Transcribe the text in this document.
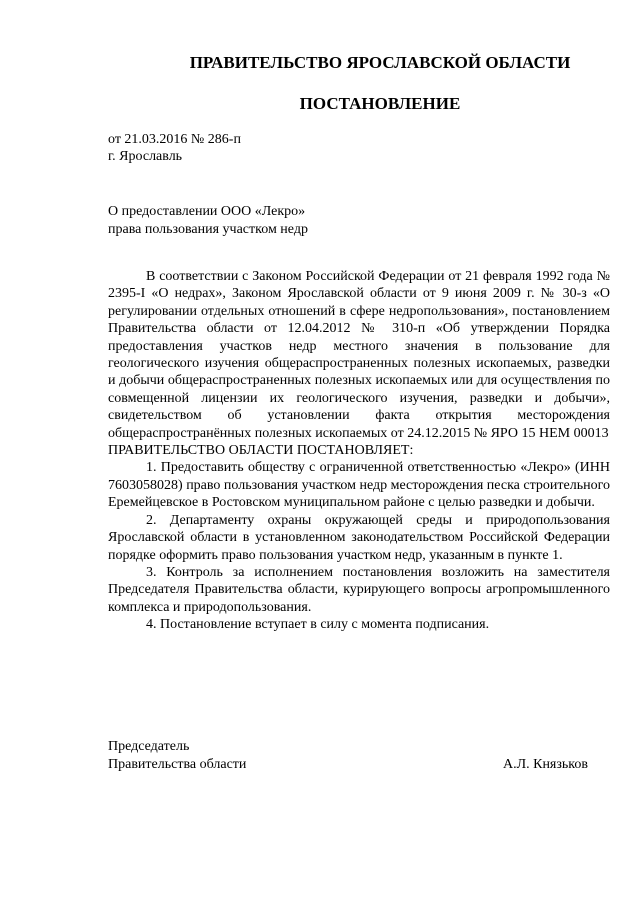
ПРАВИТЕЛЬСТВО ЯРОСЛАВСКОЙ ОБЛАСТИ
ПОСТАНОВЛЕНИЕ
от 21.03.2016 № 286-п
г. Ярославль
О предоставлении ООО «Лекро»
права пользования участком недр

В соответствии с Законом Российской Федерации от 21 февраля 1992 года № 2395-I «О недрах», Законом Ярославской области от 9 июня 2009 г. № 30-з «О регулировании отдельных отношений в сфере недропользования», постановлением Правительства области от 12.04.2012 № 310-п «Об утверждении Порядка предоставления участков недр местного значения в пользование для геологического изучения общераспространенных полезных ископаемых, разведки и добычи общераспространенных полезных ископаемых или для осуществления по совмещенной лицензии их геологического изучения, разведки и добычи», свидетельством об установлении факта открытия месторождения общераспространённых полезных ископаемых от 24.12.2015 № ЯРО 15 НЕМ 00013

ПРАВИТЕЛЬСТВО ОБЛАСТИ ПОСТАНОВЛЯЕТ:

1. Предоставить обществу с ограниченной ответственностью «Лекро» (ИНН 7603058028) право пользования участком недр месторождения песка строительного Еремейцевское в Ростовском муниципальном районе с целью разведки и добычи.

2. Департаменту охраны окружающей среды и природопользования Ярославской области в установленном законодательством Российской Федерации порядке оформить право пользования участком недр, указанным в пункте 1.

3. Контроль за исполнением постановления возложить на заместителя Председателя Правительства области, курирующего вопросы агропромышленного комплекса и природопользования.

4. Постановление вступает в силу с момента подписания.

Председатель
Правительства области	А.Л. Князьков
